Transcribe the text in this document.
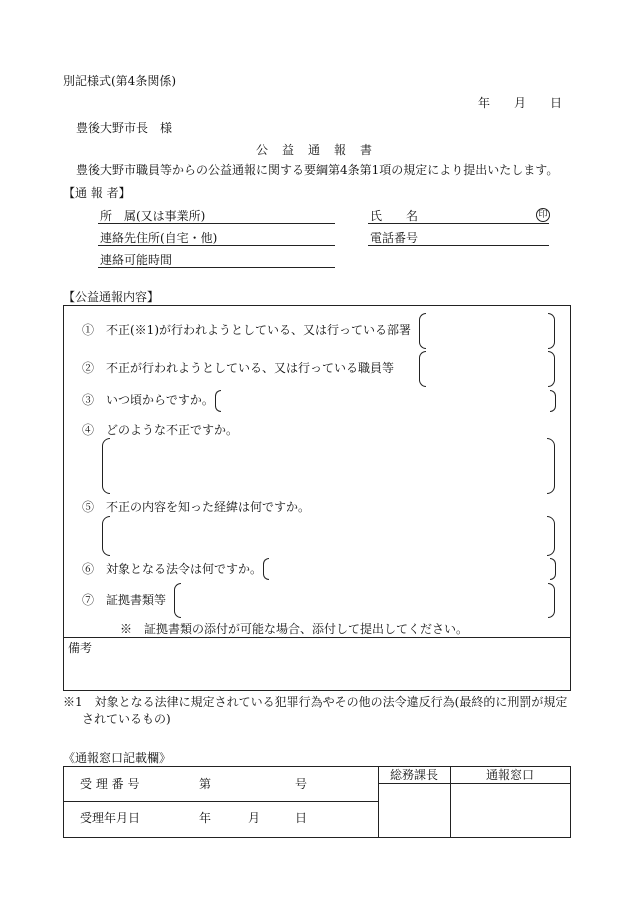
別記様式(第4条関係)
年 月 日
豊後大野市長　様
公　益　通　報　書
豊後大野市職員等からの公益通報に関する要綱第4条第1項の規定により提出いたします。
【通 報 者】
所　属(又は事業所)	氏　　名	印
連絡先住所(自宅・他)	電話番号
連絡可能時間
【公益通報内容】
①　不正(※1)が行われようとしている、又は行っている部署
②　不正が行われようとしている、又は行っている職員等
③　いつ頃からですか。
④　どのような不正ですか。
⑤　不正の内容を知った経緯は何ですか。
⑥　対象となる法令は何ですか。
⑦　証拠書類等
※　証拠書類の添付が可能な場合、添付して提出してください。
備考
※1　対象となる法律に規定されている犯罪行為やその他の法令違反行為(最終的に刑罰が規定
されているもの)
《通報窓口記載欄》
受 理 番 号	第	号
受理年月日	年	月	日
総務課長	通報窓口
